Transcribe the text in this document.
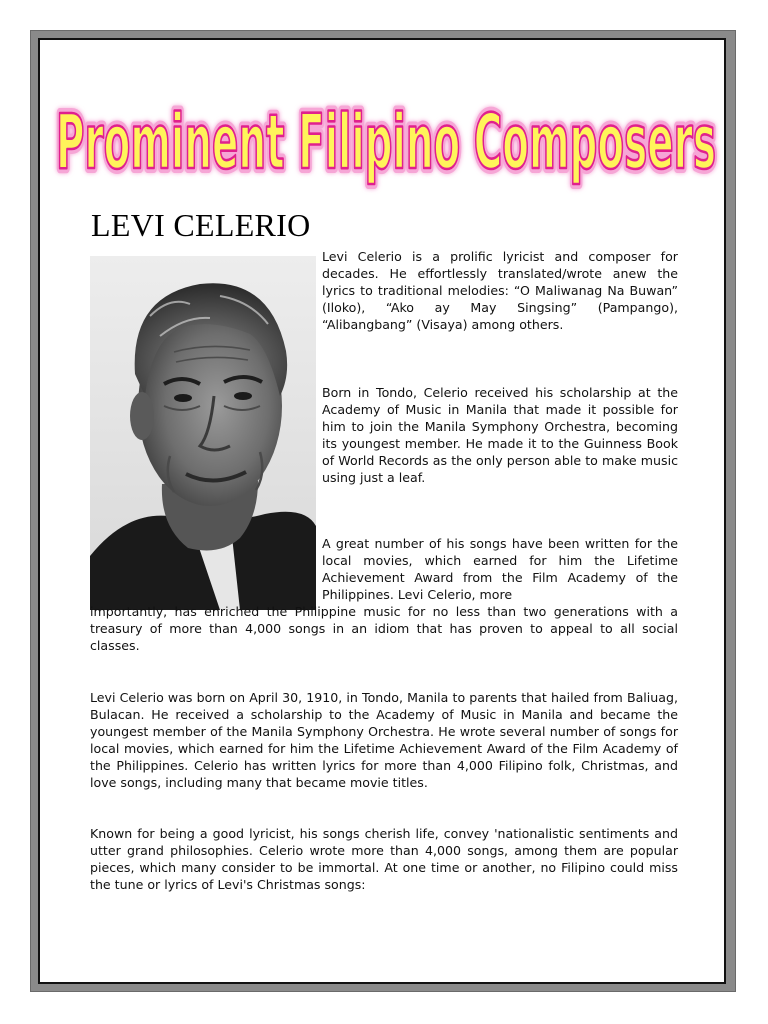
Prominent Filipino Composers
Prominent Filipino Composers
LEVI CELERIO

Levi Celerio is a prolific lyricist and composer for decades. He effortlessly translated/wrote anew the lyrics to traditional melodies: “O Maliwanag Na Buwan” (Iloko), “Ako ay May Singsing” (Pampango), “Alibangbang” (Visaya) among others.

Born in Tondo, Celerio received his scholarship at the Academy of Music in Manila that made it possible for him to join the Manila Symphony Orchestra, becoming its youngest member. He made it to the Guinness Book of World Records as the only person able to make music using just a leaf.

A great number of his songs have been written for the local movies, which earned for him the Lifetime Achievement Award from the Film Academy of the Philippines. Levi Celerio, more

importantly, has enriched the Philippine music for no less than two generations with a treasury of more than 4,000 songs in an idiom that has proven to appeal to all social classes.

Levi Celerio was born on April 30, 1910, in Tondo, Manila to parents that hailed from Baliuag, Bulacan. He received a scholarship to the Academy of Music in Manila and became the youngest member of the Manila Symphony Orchestra. He wrote several number of songs for local movies, which earned for him the Lifetime Achievement Award of the Film Academy of the Philippines. Celerio has written lyrics for more than 4,000 Filipino folk, Christmas, and love songs, including many that became movie titles.

Known for being a good lyricist, his songs cherish life, convey 'nationalistic sentiments and utter grand philosophies. Celerio wrote more than 4,000 songs, among them are popular pieces, which many consider to be immortal. At one time or another, no Filipino could miss the tune or lyrics of Levi's Christmas songs:
